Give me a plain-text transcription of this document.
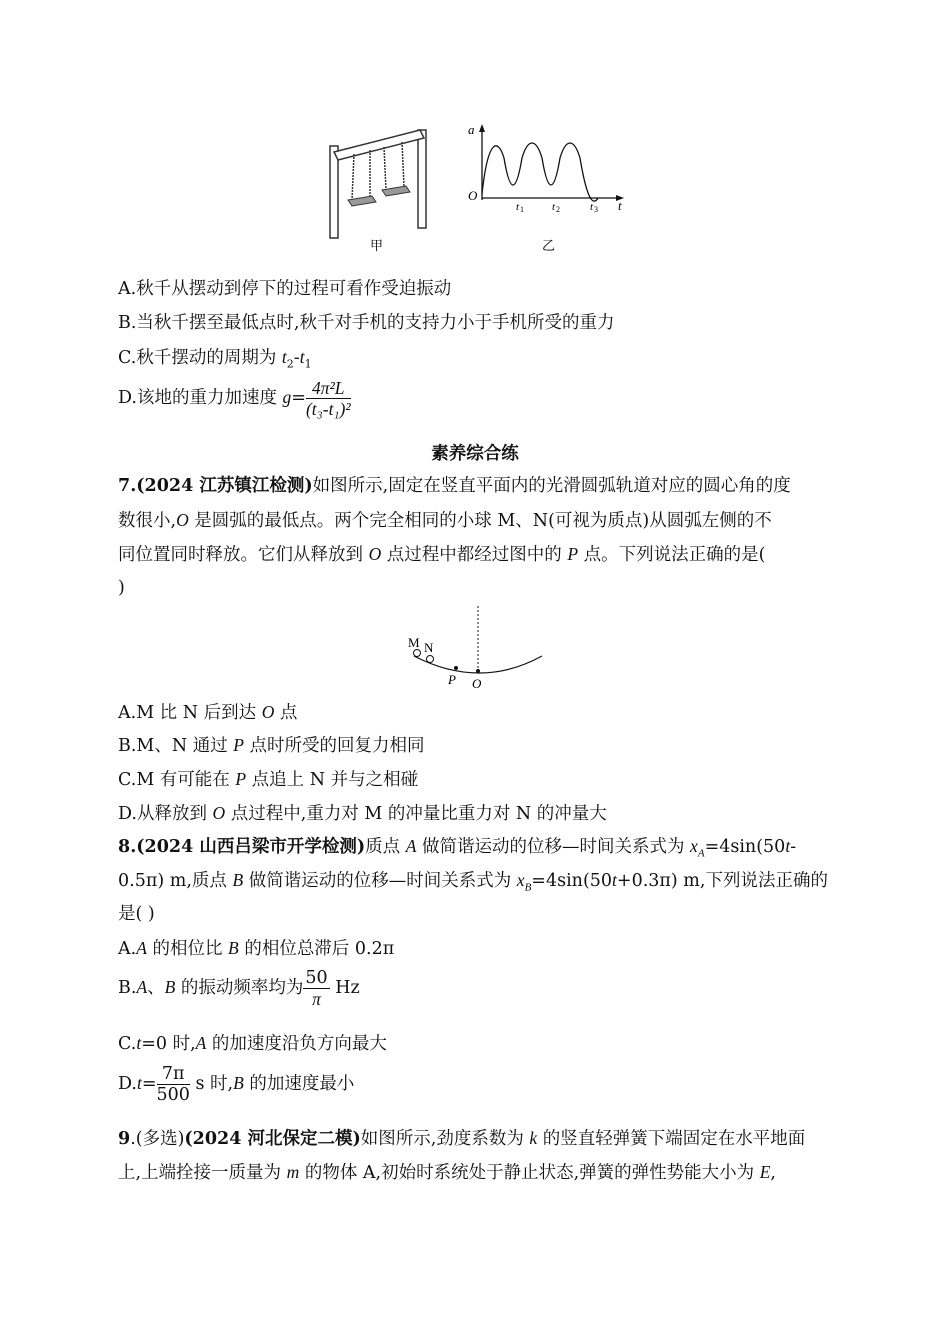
甲
a
t
O
t 1	t 2	t 3
乙
A.秋千从摆动到停下的过程可看作受迫振动
B.当秋千摆至最低点时,秋千对手机的支持力小于手机所受的重力
C.秋千摆动的周期为 $t_2-t_1$
D.该地的重力加速度 $g= \frac{\text{4π²L}}{\text{(t₃-t₁)²}}$
素养综合练
7.(2024 江苏镇江检测)如图所示,固定在竖直平面内的光滑圆弧轨道对应的圆心角的度
数很小,O 是圆弧的最低点。两个完全相同的小球 M、N(可视为质点)从圆弧左侧的不
同位置同时释放。它们从释放到 O 点过程中都经过图中的 P 点。下列说法正确的是(
)
M N
P O
A.M 比 N 后到达 O 点
B.M、N 通过 P 点时所受的回复力相同
C.M 有可能在 P 点追上 N 并与之相碰
D.从释放到 O 点过程中,重力对 M 的冲量比重力对 N 的冲量大
8.(2024 山西吕梁市开学检测)质点 A 做简谐运动的位移—时间关系式为 $x_A=4\sin(50t-$
0.5π) m,质点 B 做简谐运动的位移—时间关系式为 $x_B=4\sin(50t+0.3\pi)$ m,下列说法正确的
是( )
A.A 的相位比 B 的相位总滞后 0.2π
B.A、B 的振动频率均为 $\frac{50}{\pi}$ Hz
C.t=0 时,A 的加速度沿负方向最大
$D.t= \frac{7\pi}{500}$ s 时,B 的加速度最小
9.(多选)(2024 河北保定二模)如图所示,劲度系数为 k 的竖直轻弹簧下端固定在水平地面
上,上端拴接一质量为 m 的物体 A,初始时系统处于静止状态,弹簧的弹性势能大小为 E,
